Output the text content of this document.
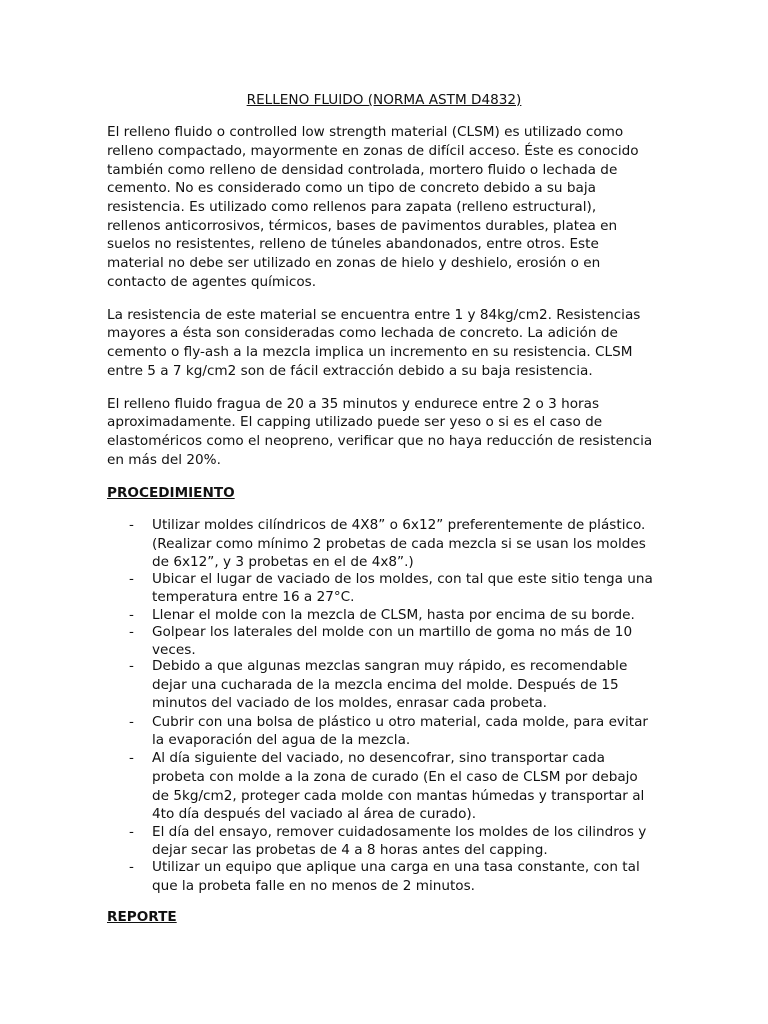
RELLENO FLUIDO (NORMA ASTM D4832)

El relleno fluido o controlled low strength material (CLSM) es utilizado como

relleno compactado, mayormente en zonas de difícil acceso. Éste es conocido

también como relleno de densidad controlada, mortero fluido o lechada de

cemento. No es considerado como un tipo de concreto debido a su baja

resistencia. Es utilizado como rellenos para zapata (relleno estructural),

rellenos anticorrosivos, térmicos, bases de pavimentos durables, platea en

suelos no resistentes, relleno de túneles abandonados, entre otros. Este

material no debe ser utilizado en zonas de hielo y deshielo, erosión o en

contacto de agentes químicos.

La resistencia de este material se encuentra entre 1 y 84kg/cm2. Resistencias

mayores a ésta son consideradas como lechada de concreto. La adición de

cemento o fly-ash a la mezcla implica un incremento en su resistencia. CLSM

entre 5 a 7 kg/cm2 son de fácil extracción debido a su baja resistencia.

El relleno fluido fragua de 20 a 35 minutos y endurece entre 2 o 3 horas

aproximadamente. El capping utilizado puede ser yeso o si es el caso de

elastoméricos como el neopreno, verificar que no haya reducción de resistencia

en más del 20%.

PROCEDIMIENTO
- Utilizar moldes cilíndricos de 4X8” o 6x12” preferentemente de plástico.
(Realizar como mínimo 2 probetas de cada mezcla si se usan los moldes
de 6x12”, y 3 probetas en el de 4x8”.)
- Ubicar el lugar de vaciado de los moldes, con tal que este sitio tenga una
temperatura entre 16 a 27°C.
- Llenar el molde con la mezcla de CLSM, hasta por encima de su borde.
- Golpear los laterales del molde con un martillo de goma no más de 10
veces.
- Debido a que algunas mezclas sangran muy rápido, es recomendable
dejar una cucharada de la mezcla encima del molde. Después de 15
minutos del vaciado de los moldes, enrasar cada probeta.
- Cubrir con una bolsa de plástico u otro material, cada molde, para evitar
la evaporación del agua de la mezcla.
- Al día siguiente del vaciado, no desencofrar, sino transportar cada
probeta con molde a la zona de curado (En el caso de CLSM por debajo
de 5kg/cm2, proteger cada molde con mantas húmedas y transportar al
4to día después del vaciado al área de curado).
- El día del ensayo, remover cuidadosamente los moldes de los cilindros y
dejar secar las probetas de 4 a 8 horas antes del capping.
- Utilizar un equipo que aplique una carga en una tasa constante, con tal
que la probeta falle en no menos de 2 minutos.
REPORTE
